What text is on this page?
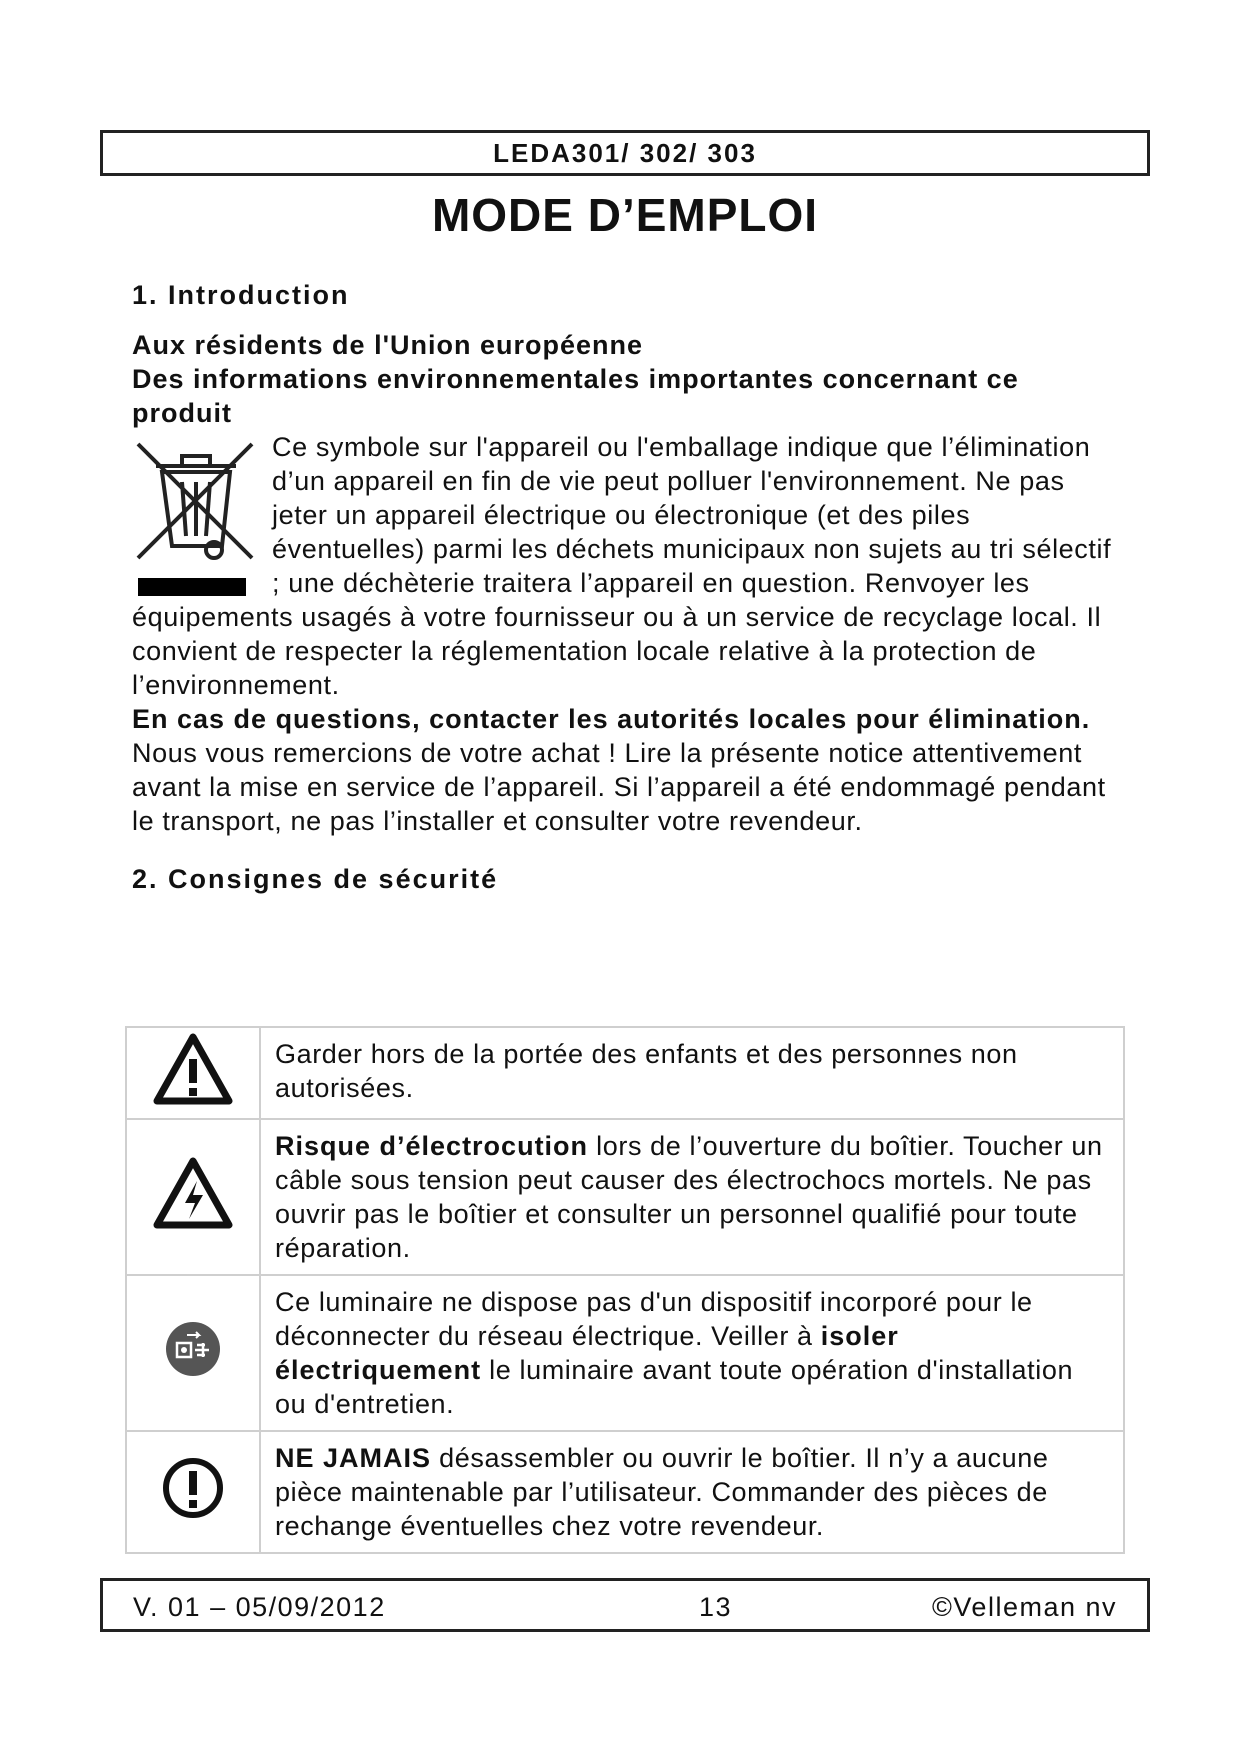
LEDA301/ 302/ 303
MODE D’EMPLOI

1. Introduction

Aux résidents de l'Union européenne

Des informations environnementales importantes concernant ce produit

Ce symbole sur l'appareil ou l'emballage indique que l’élimination d’un appareil en fin de vie peut polluer l'environnement. Ne pas jeter un appareil électrique ou électronique (et des piles éventuelles) parmi les déchets municipaux non sujets au tri sélectif ; une déchèterie traitera l’appareil en question. Renvoyer les équipements usagés à votre fournisseur ou à un service de recyclage local. Il convient de respecter la réglementation locale relative à la protection de l’environnement.

En cas de questions, contacter les autorités locales pour élimination.

Nous vous remercions de votre achat ! Lire la présente notice attentivement avant la mise en service de l’appareil. Si l’appareil a été endommagé pendant le transport, ne pas l’installer et consulter votre revendeur.

2. Consignes de sécurité

	Garder hors de la portée des enfants et des personnes non autorisées.
	Risque d’électrocution lors de l’ouverture du boîtier. Toucher un câble sous tension peut causer des électrochocs mortels. Ne pas ouvrir pas le boîtier et consulter un personnel qualifié pour toute réparation.
	Ce luminaire ne dispose pas d'un dispositif incorporé pour le déconnecter du réseau électrique. Veiller à isoler électriquement le luminaire avant toute opération d'installation ou d'entretien.
	NE JAMAIS désassembler ou ouvrir le boîtier. Il n’y a aucune pièce maintenable par l’utilisateur. Commander des pièces de rechange éventuelles chez votre revendeur.
V. 01 – 05/09/2012	13	©Velleman nv
